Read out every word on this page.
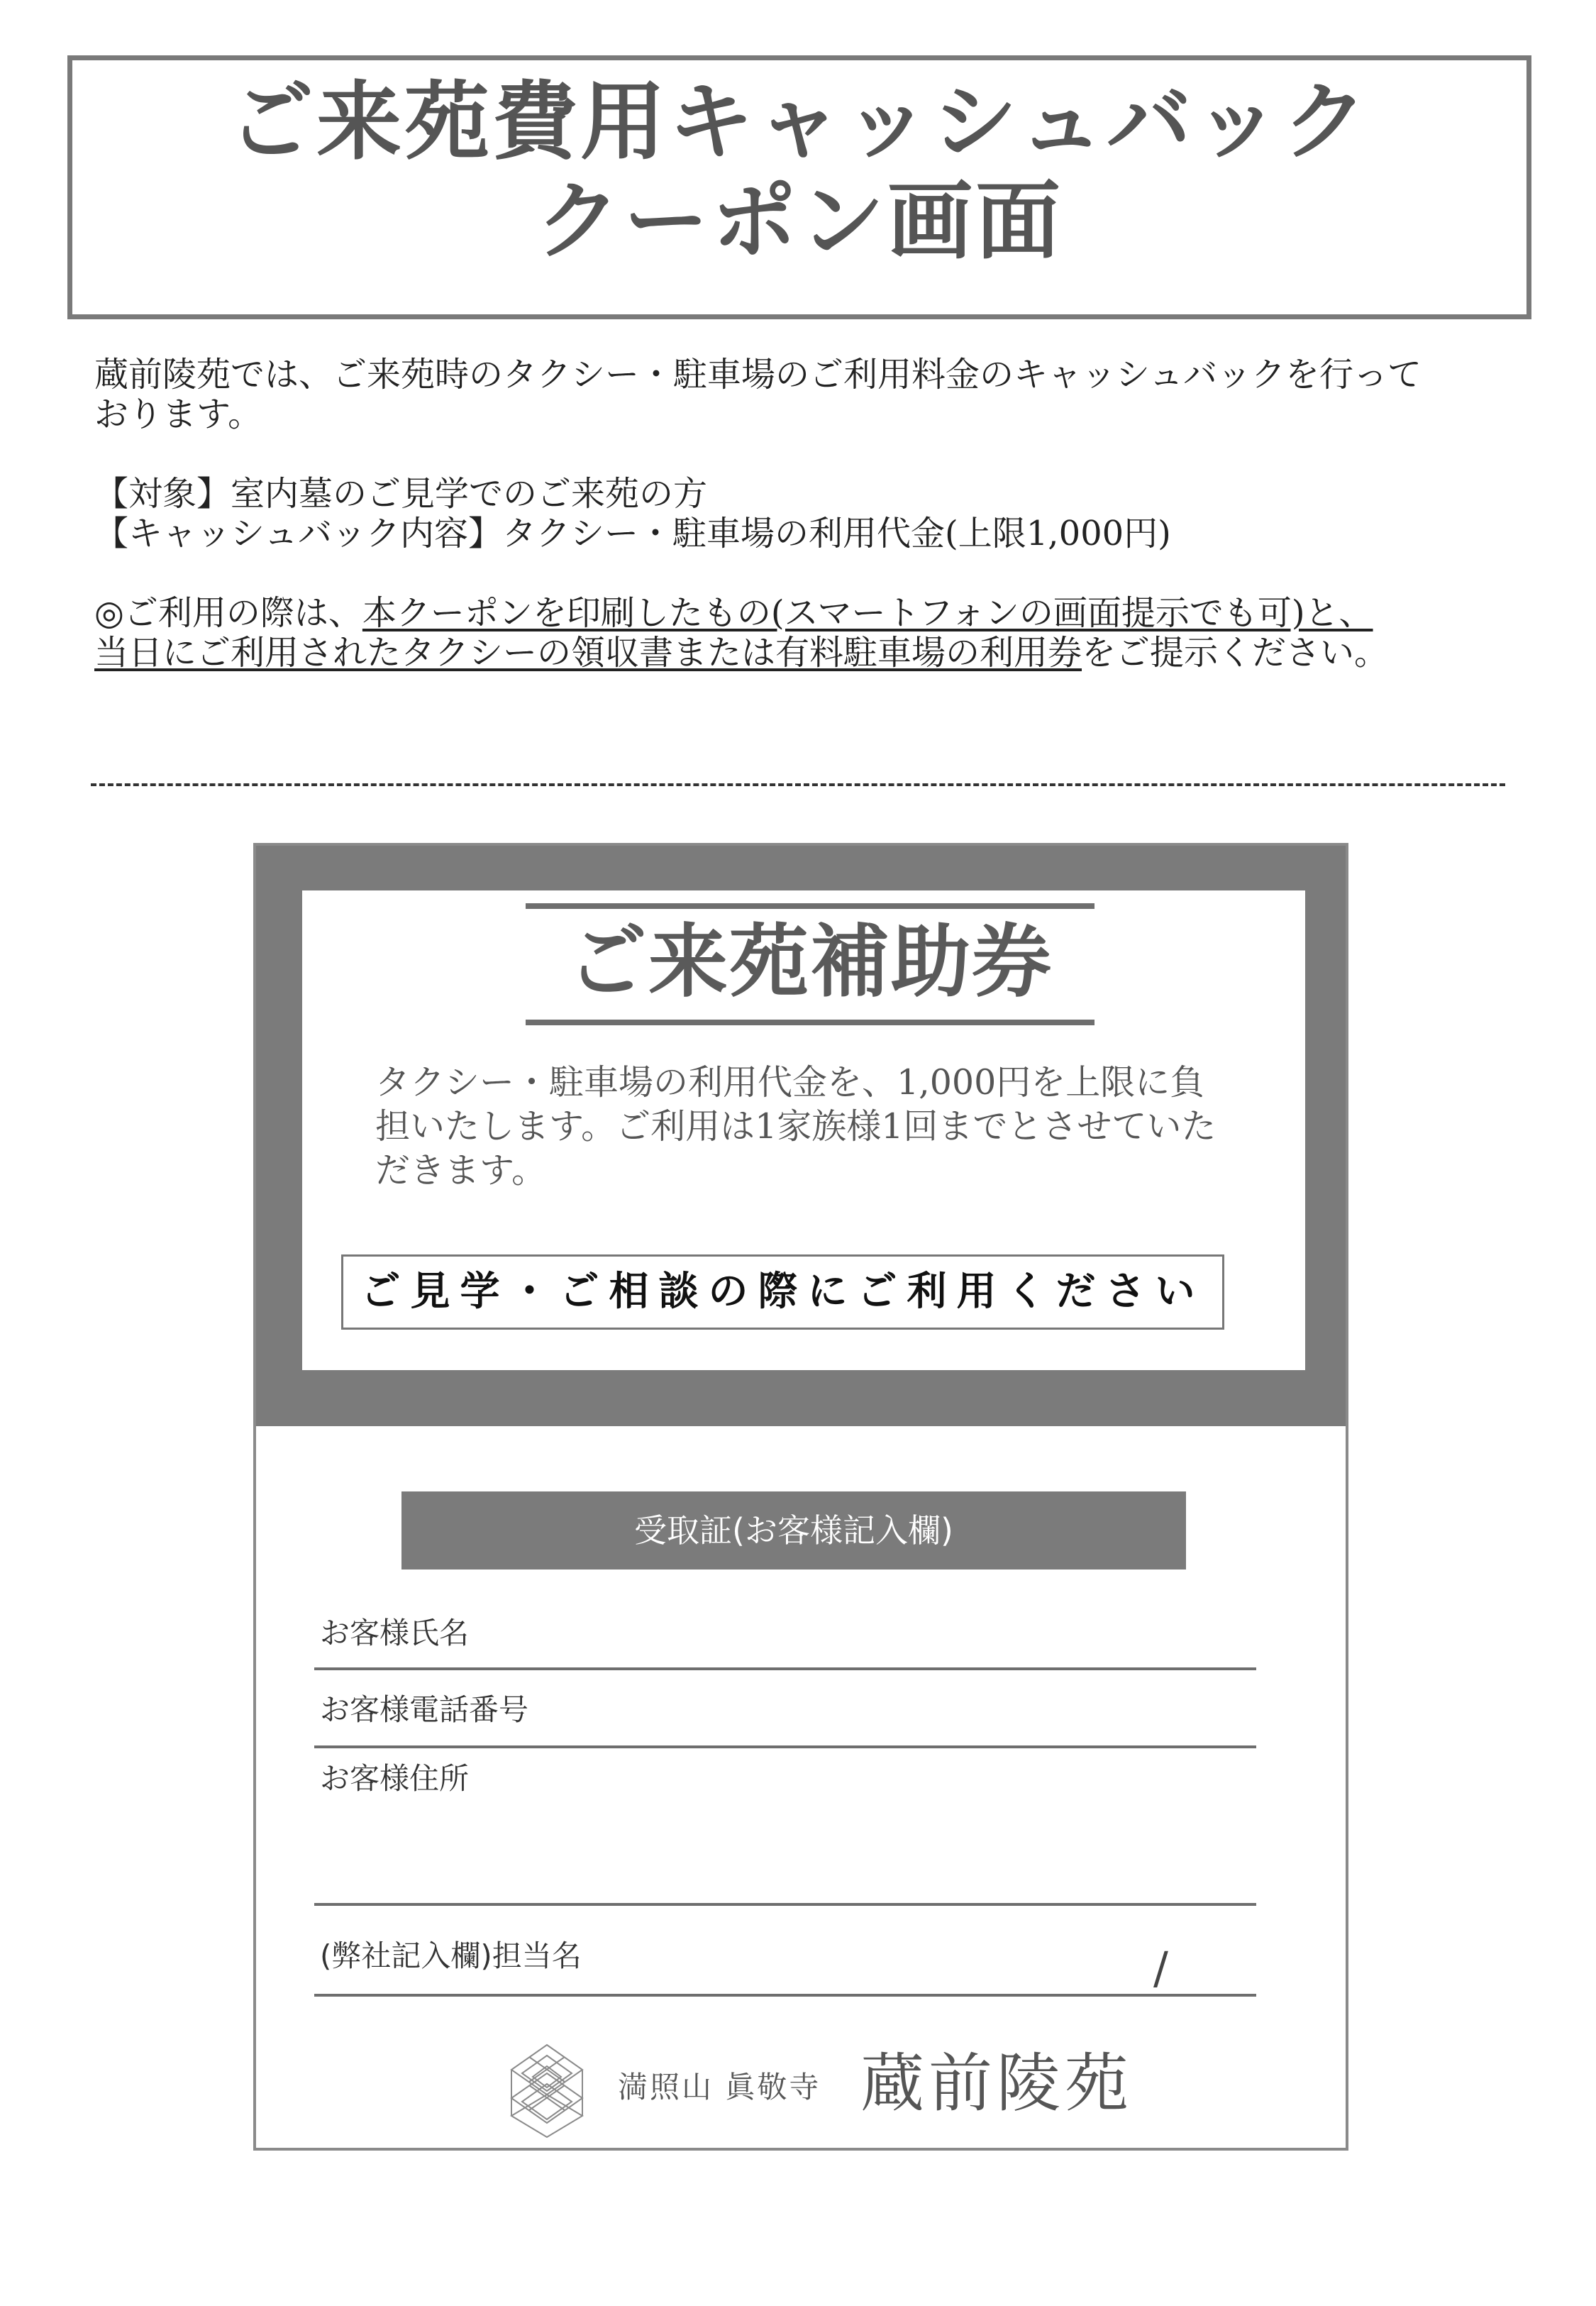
ご来苑費用キャッシュバック
クーポン画面

蔵前陵苑では、ご来苑時のタクシー・駐車場のご利用料金のキャッシュバックを行って

おります。

【対象】室内墓のご見学でのご来苑の方

【キャッシュバック内容】タクシー・駐車場の利用代金(上限1,000円)

◎ご利用の際は、本クーポンを印刷したもの(スマートフォンの画面提示でも可)と、

当日にご利用されたタクシーの領収書または有料駐車場の利用券をご提示ください。

ご来苑補助券
タクシー・駐車場の利用代金を、1,000円を上限に負
担いたします。ご利用は1家族様1回までとさせていた
だきます。
ご見学・ご相談の際にご利用ください
受取証(お客様記入欄)
お客様氏名
お客様電話番号
お客様住所
(弊社記入欄)担当名	/
満照山 眞敬寺 蔵前陵苑
